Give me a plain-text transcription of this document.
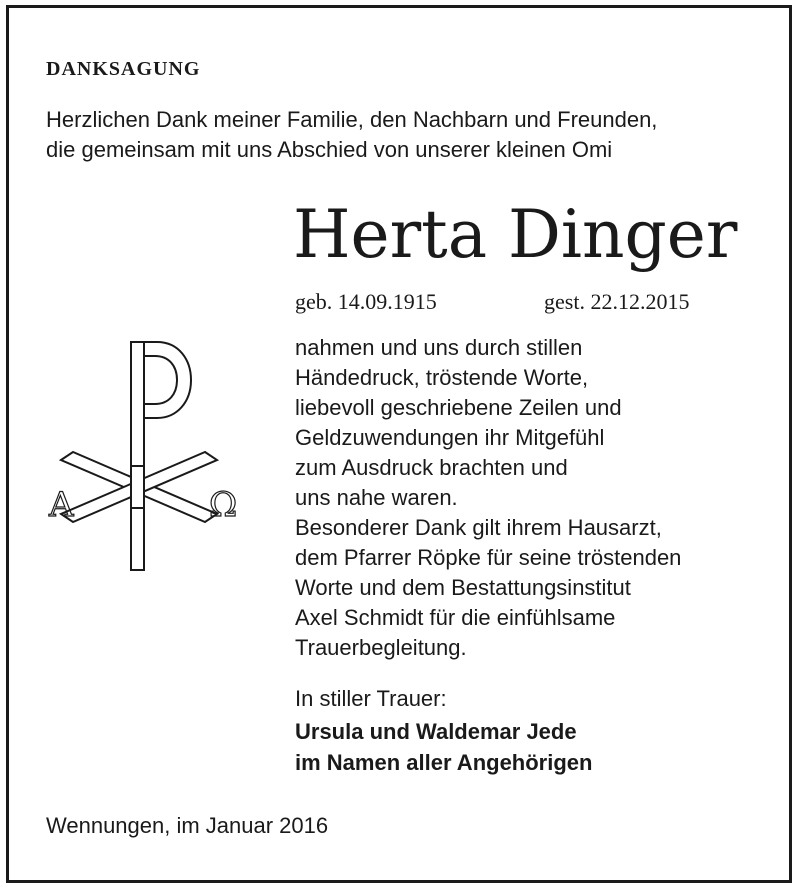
DANKSAGUNG
Herzlichen Dank meiner Familie, den Nachbarn und Freunden,
die gemeinsam mit uns Abschied von unserer kleinen Omi
Herta Dinger
geb. 14.09.1915	gest. 22.12.2015
A	Ω
nahmen und uns durch stillen
Händedruck, tröstende Worte,
liebevoll geschriebene Zeilen und
Geldzuwendungen ihr Mitgefühl
zum Ausdruck brachten und
uns nahe waren.
Besonderer Dank gilt ihrem Hausarzt,
dem Pfarrer Röpke für seine tröstenden
Worte und dem Bestattungsinstitut
Axel Schmidt für die einfühlsame
Trauerbegleitung.
In stiller Trauer:
Ursula und Waldemar Jede
im Namen aller Angehörigen
Wennungen, im Januar 2016
